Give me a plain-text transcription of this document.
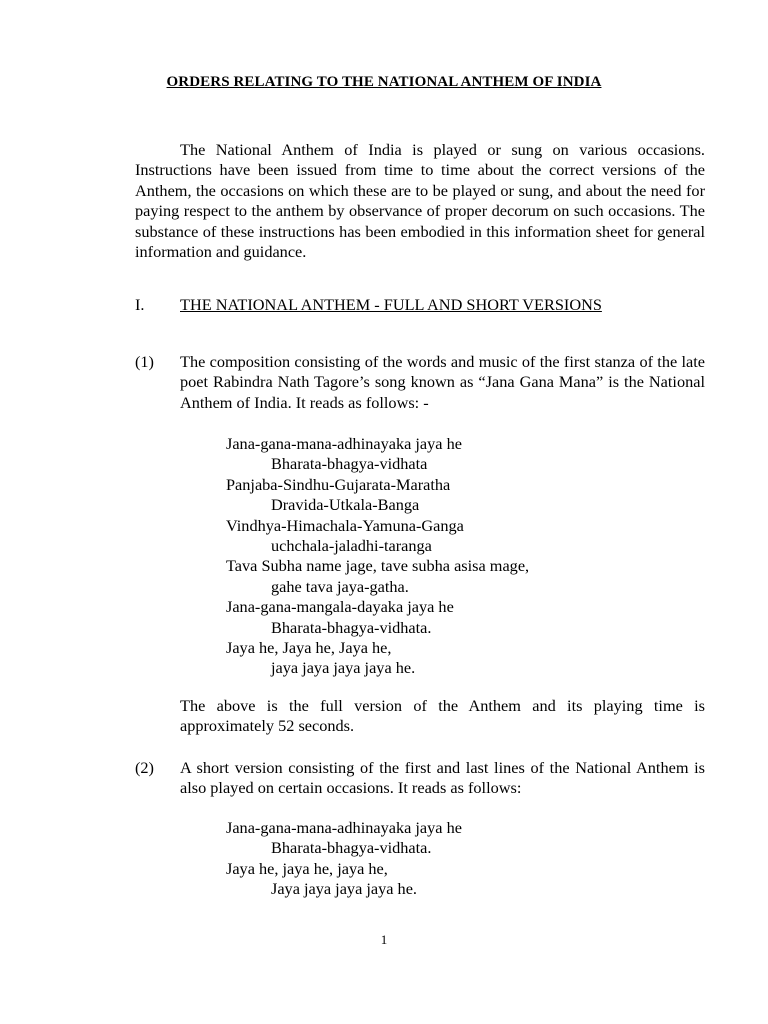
ORDERS RELATING TO THE NATIONAL ANTHEM OF INDIA

The National Anthem of India is played or sung on various occasions. Instructions have been issued from time to time about the correct versions of the Anthem, the occasions on which these are to be played or sung, and about the need for paying respect to the anthem by observance of proper decorum on such occasions. The substance of these instructions has been embodied in this information sheet for general information and guidance.

I. THE NATIONAL ANTHEM - FULL AND SHORT VERSIONS
(1) The composition consisting of the words and music of the first stanza of the late poet Rabindra Nath Tagore’s song known as “Jana Gana Mana” is the National Anthem of India. It reads as follows: -

Jana-gana-mana-adhinayaka jaya he
Bharata-bhagya-vidhata
Panjaba-Sindhu-Gujarata-Maratha
Dravida-Utkala-Banga
Vindhya-Himachala-Yamuna-Ganga
uchchala-jaladhi-taranga
Tava Subha name jage, tave subha asisa mage,
gahe tava jaya-gatha.
Jana-gana-mangala-dayaka jaya he
Bharata-bhagya-vidhata.
Jaya he, Jaya he, Jaya he,
jaya jaya jaya jaya he.

The above is the full version of the Anthem and its playing time is approximately 52 seconds.

(2) A short version consisting of the first and last lines of the National Anthem is also played on certain occasions. It reads as follows:

Jana-gana-mana-adhinayaka jaya he
Bharata-bhagya-vidhata.
Jaya he, jaya he, jaya he,
Jaya jaya jaya jaya he.
1
